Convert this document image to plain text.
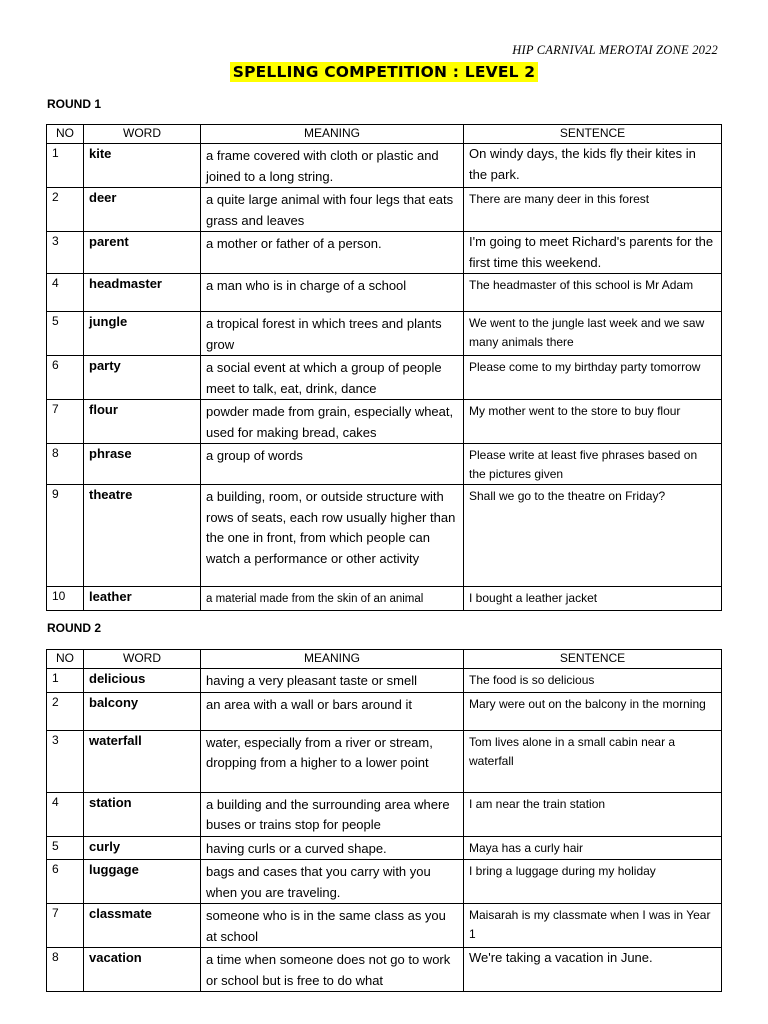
HIP CARNIVAL MEROTAI ZONE 2022
SPELLING COMPETITION : LEVEL 2
ROUND 1
NO	WORD	MEANING	SENTENCE
1	kite	a frame covered with cloth or plastic and joined to a long string.	On windy days, the kids fly their kites in the park.
2	deer	a quite large animal with four legs that eats grass and leaves	There are many deer in this forest
3	parent	a mother or father of a person.	I'm going to meet Richard's parents for the first time this weekend.
4	headmaster	a man who is in charge of a school	The headmaster of this school is Mr Adam
5	jungle	a tropical forest in which trees and plants grow	We went to the jungle last week and we saw many animals there
6	party	a social event at which a group of people meet to talk, eat, drink, dance	Please come to my birthday party tomorrow
7	flour	powder made from grain, especially wheat, used for making bread, cakes	My mother went to the store to buy flour
8	phrase	a group of words	Please write at least five phrases based on the pictures given
9	theatre	a building, room, or outside structure with rows of seats, each row usually higher than the one in front, from which people can watch a performance or other activity	Shall we go to the theatre on Friday?
10	leather	a material made from the skin of an animal	I bought a leather jacket
ROUND 2
NO	WORD	MEANING	SENTENCE
1	delicious	having a very pleasant taste or smell	The food is so delicious
2	balcony	an area with a wall or bars around it	Mary were out on the balcony in the morning
3	waterfall	water, especially from a river or stream, dropping from a higher to a lower point	Tom lives alone in a small cabin near a waterfall
4	station	a building and the surrounding area where buses or trains stop for people	I am near the train station
5	curly	having curls or a curved shape.	Maya has a curly hair
6	luggage	bags and cases that you carry with you when you are traveling.	I bring a luggage during my holiday
7	classmate	someone who is in the same class as you at school	Maisarah is my classmate when I was in Year 1
8	vacation	a time when someone does not go to work or school but is free to do what	We're taking a vacation in June.
